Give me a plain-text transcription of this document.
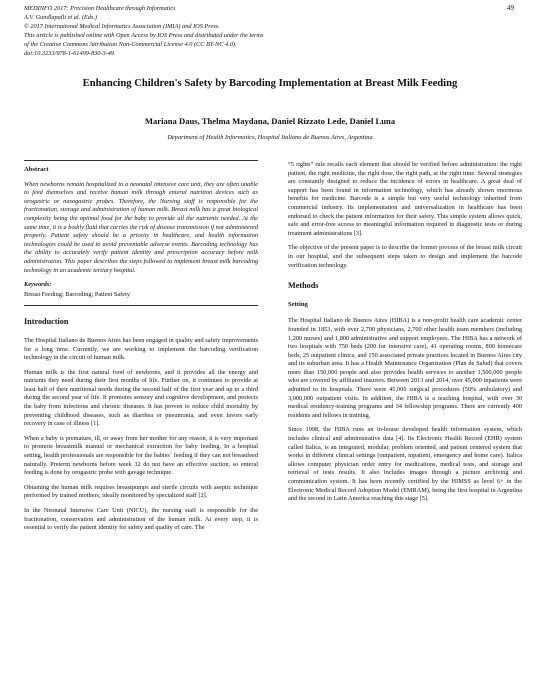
MEDINFO 2017: Precision Healthcare through Informatics
A.V. Gundlapalli et al. (Eds.)
© 2017 International Medical Informatics Association (IMIA) and IOS Press.
This article is published online with Open Access by IOS Press and distributed under the terms
of the Creative Commons Attribution Non-Commercial License 4.0 (CC BY-NC 4.0).
doi:10.3233/978-1-61499-830-3-49
49
Enhancing Children's Safety by Barcoding Implementation at Breast Milk Feeding
Mariana Daus, Thelma Maydana, Daniel Rizzato Lede, Daniel Luna
Department of Health Informatics, Hospital Italiano de Buenos Aires, Argentina
Abstract

When newborns remain hospitalized in a neonatal intensive care unit, they are often unable to feed themselves and receive human milk through enteral nutrition devices such as orogastric or nasogastric probes. Therefore, the Nursing staff is responsible for the fractionation, storage and administration of human milk. Breast milk has a great biological complexity being the optimal food for the baby to provide all the nutrients needed. At the same time, it is a bodily fluid that carries the risk of disease transmission if not administered properly. Patient safety should be a priority in healthcare, and health information technologies could be used to avoid preventable adverse events. Barcoding technology has the ability to accurately verify patient identity and prescription accuracy before milk administration. This paper describes the steps followed to implement breast milk barcoding technology in an academic tertiary hospital.

Keywords:

Breast Feeding; Barcoding; Patient Safety

Introduction

The Hospital Italiano de Buenos Aires has been engaged in quality and safety improvements for a long time. Currently, we are working to implement the barcoding verification technology in the circuit of human milk.

Human milk is the first natural food of newborns, and it provides all the energy and nutrients they need during their first months of life. Further on, it continues to provide at least half of their nutritional needs during the second half of the first year and up to a third during the second year of life. It promotes sensory and cognitive development, and protects the baby from infectious and chronic diseases. It has proven to reduce child mortality by preventing childhood diseases, such as diarrhea or pneumonia, and even favors early recovery in case of illness [1].

When a baby is premature, ill, or away from her mother for any reason, it is very important to promote breastmilk manual or mechanical extraction for baby feeding. In a hospital setting, health professionals are responsible for the babies´ feeding if they can not breastfeed naturally. Preterm newborns before week 32 do not have an effective suction, so enteral feeding is done by orogastric probe with gavage technique.

Obtaining the human milk requires breastpumps and sterile circuits with aseptic technique performed by trained mothers, ideally monitored by specialized staff [2].

In the Neonatal Intensive Care Unit (NICU), the nursing staff is responsible for the fractionation, conservation and administration of the human milk. At every step, it is essential to verify the patient identity for safety and quality of care. The

“5 rights” rule recalls each element that should be verified before administration: the right patient, the right medicine, the right dose, the right path, at the right time. Several strategies are constantly designed to reduce the incidence of errors in healthcare. A great deal of support has been found in information technology, which has already shown enormous benefits for medicine. Barcode is a simple but very useful technology inherited from commercial industry. Its implementation and universalization in healthcare has been endorsed to check the patient information for their safety. This simple system allows quick, safe and error-free access to meaningful information required in diagnostic tests or during treatment administrations [3].

The objective of the present paper is to describe the former process of the breast milk circuit in our hospital, and the subsequent steps taken to design and implement the barcode verification technology.

Methods
Setting

The Hospital Italiano de Buenos Aires (HIBA) is a non-profit health care academic center founded in 1853, with over 2,700 physicians, 2,700 other health team members (including 1,200 nurses) and 1,800 administrative and support employees. The HIBA has a network of two hospitals with 750 beds (200 for intensive care), 41 operating rooms, 800 homecare beds, 25 outpatient clinics, and 150 associated private practices located in Buenos Aires city and its suburban area. It has a Health Maintenance Organization (Plan de Salud) that covers more than 150,000 people and also provides health services to another 1,500,000 people who are covered by affiliated insurers. Between 2013 and 2014, over 45,000 inpatients were admitted to its hospitals. There were 45,000 surgical procedures (50% ambulatory) and 3,000,000 outpatient visits. In addition, the HIBA is a teaching hospital, with over 30 medical residency-training programs and 34 fellowship programs. There are currently 400 residents and fellows in training.

Since 1998, the HIBA runs an in-house developed health information system, which includes clinical and administrative data [4]. Its Electronic Health Record (EHR) system called Italica, is an integrated, modular, problem oriented, and patient centered system that works in different clinical settings (outpatient, inpatient, emergency and home care). Italica allows computer physician order entry for medications, medical tests, and storage and retrieval of tests results. It also includes images through a picture archiving and communication system. It has been recently certified by the HIMSS as level 6+ in the Electronic Medical Record Adoption Model (EMRAM), being the first hospital in Argentina and the second in Latin America reaching this stage [5].
